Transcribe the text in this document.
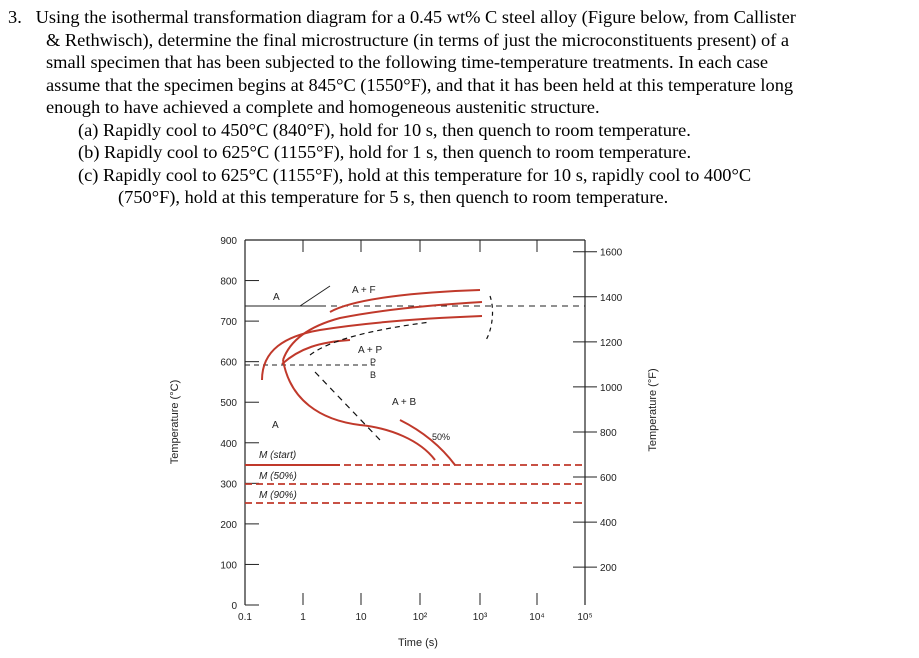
3. Using the isothermal transformation diagram for a 0.45 wt% C steel alloy (Figure below, from Callister
& Rethwisch), determine the final microstructure (in terms of just the microconstituents present) of a
small specimen that has been subjected to the following time-temperature treatments. In each case
assume that the specimen begins at 845°C (1550°F), and that it has been held at this temperature long
enough to have achieved a complete and homogeneous austenitic structure.
(a) Rapidly cool to 450°C (840°F), hold for 10 s, then quench to room temperature.
(b) Rapidly cool to 625°C (1155°F), hold for 1 s, then quench to room temperature.
(c) Rapidly cool to 625°C (1155°F), hold at this temperature for 10 s, rapidly cool to 400°C
(750°F), hold at this temperature for 5 s, then quench to room temperature.
0
100
200
300
400
500
600
700
800
900
200
400
600
800
1000
1200
1400
1600
0.1	1	10	10²	10³	10⁴	10⁵
Temperature (°C)	Temperature (°F)
Time (s)
A
A + F
A + P
P
B
A + B
A
50%
M (start)
M (50%)
M (90%)
